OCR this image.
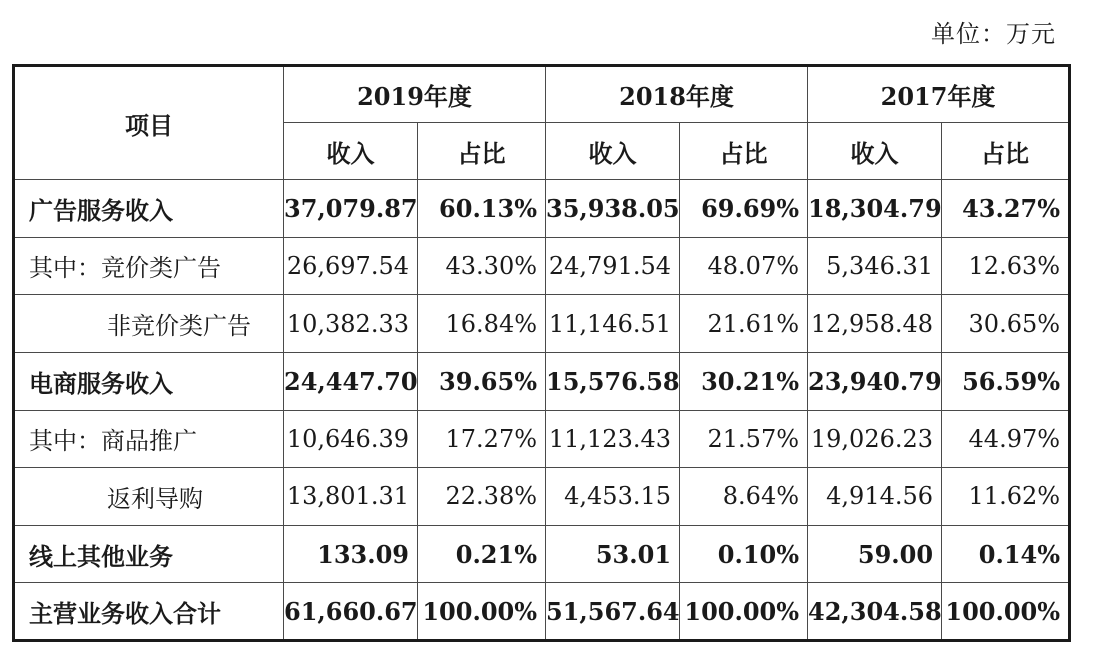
单位：万元
项目	2019年度		2018年度		2017年度	
	收入	占比	收入	占比	收入	占比
广告服务收入	37,079.87	60.13%	35,938.05	69.69%	18,304.79	43.27%
其中：竞价类广告	26,697.54	43.30%	24,791.54	48.07%	5,346.31	12.63%
非竞价类广告	10,382.33	16.84%	11,146.51	21.61%	12,958.48	30.65%
电商服务收入	24,447.70	39.65%	15,576.58	30.21%	23,940.79	56.59%
其中：商品推广	10,646.39	17.27%	11,123.43	21.57%	19,026.23	44.97%
返利导购	13,801.31	22.38%	4,453.15	8.64%	4,914.56	11.62%
线上其他业务	133.09	0.21%	53.01	0.10%	59.00	0.14%
主营业务收入合计	61,660.67	100.00%	51,567.64	100.00%	42,304.58	100.00%
